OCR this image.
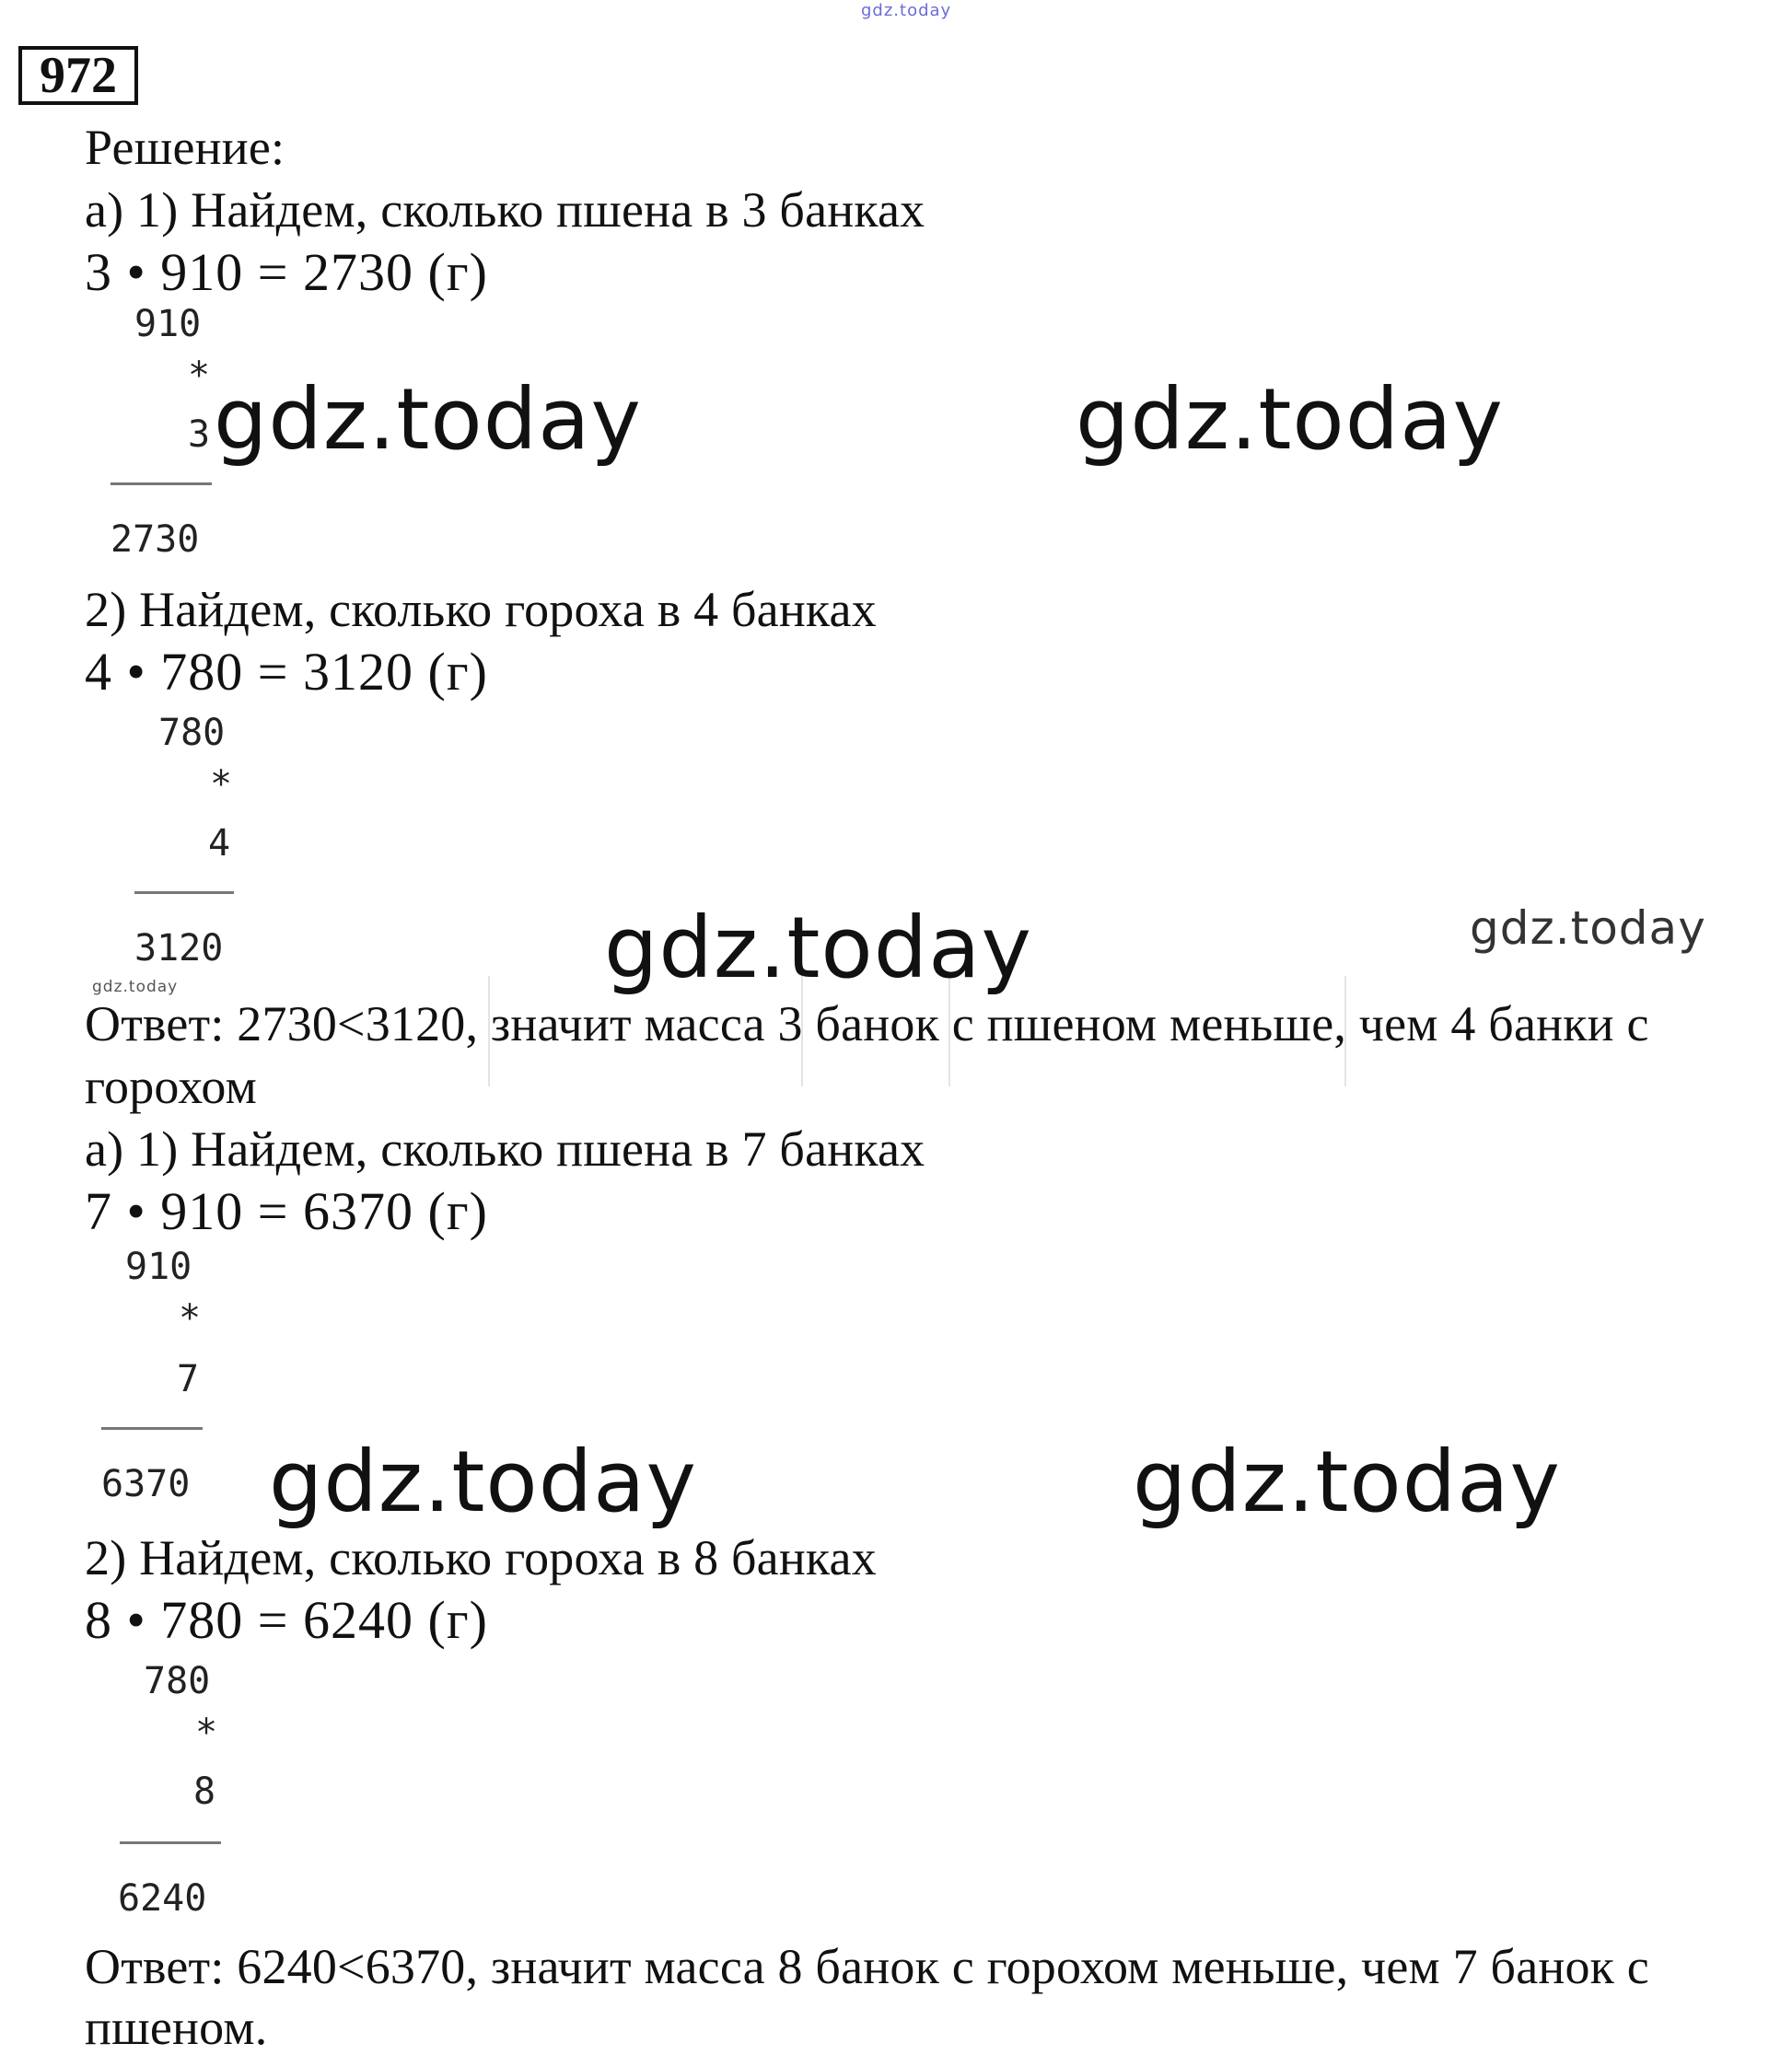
gdz.today
972
Решение:
а) 1) Найдем, сколько пшена в 3 банках
3 • 910 = 2730 (г)
910
*
3
2730
2) Найдем, сколько гороха в 4 банках
4 • 780 = 3120 (г)
780
*
4
3120
Ответ: 2730<3120, значит масса 3 банок с пшеном меньше, чем 4 банки с
горохом
а) 1) Найдем, сколько пшена в 7 банках
7 • 910 = 6370 (г)
910
*
7
6370
2) Найдем, сколько гороха в 8 банках
8 • 780 = 6240 (г)
780
*
8
6240
Ответ: 6240<6370, значит масса 8 банок с горохом меньше, чем 7 банок с
пшеном.
gdz.today	gdz.today
gdz.today	gdz.today
gdz.today
gdz.today	gdz.today
